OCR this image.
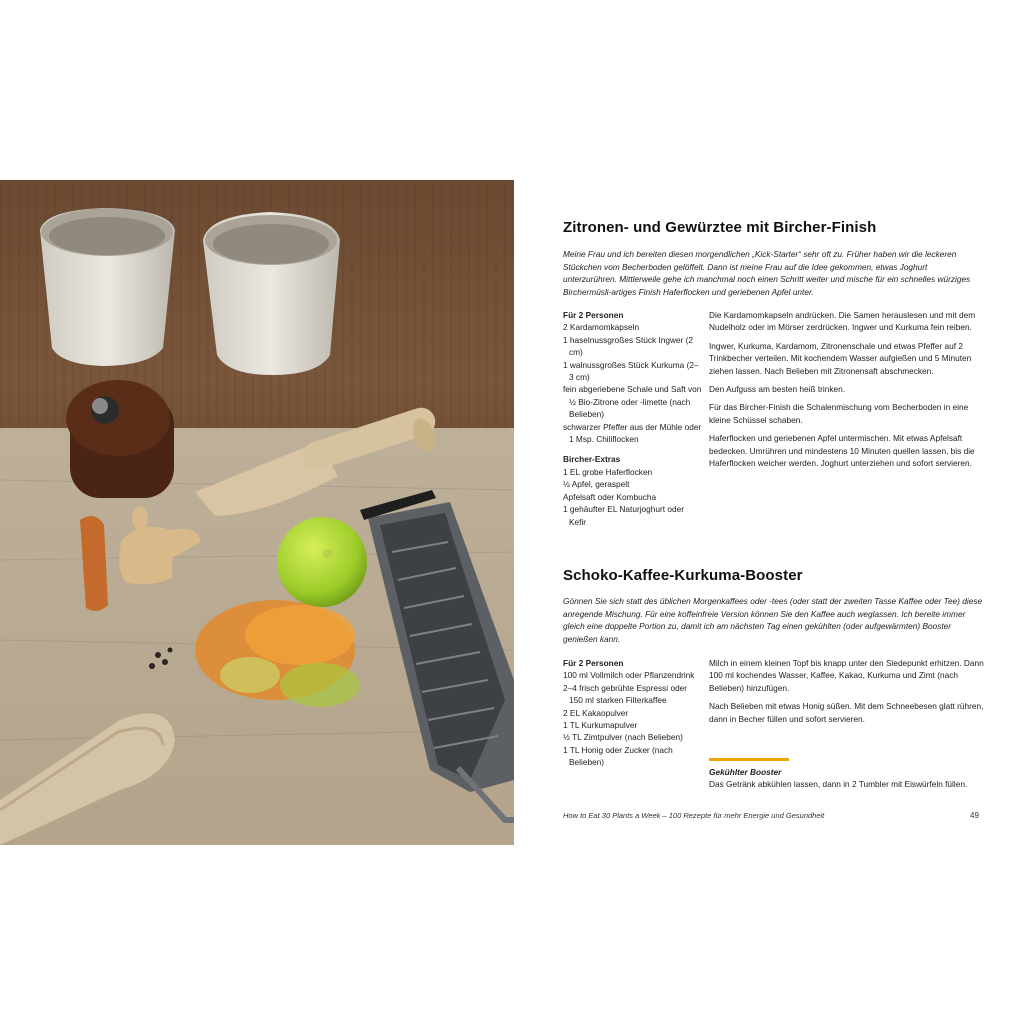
Zitronen- und Gewürztee mit Bircher-Finish

Meine Frau und ich bereiten diesen morgendlichen „Kick-Starter“ sehr oft zu. Früher haben wir die leckeren Stückchen vom Becherboden gelöffelt. Dann ist meine Frau auf die Idee gekommen, etwas Joghurt unterzurühren. Mittlerweile gehe ich manchmal noch einen Schritt weiter und mische für ein schnelles würziges Birchermüsli-artiges Finish Haferflocken und geriebenen Apfel unter.

Für 2 Personen

2 Kardamomkapseln

1 haselnussgroßes Stück Ingwer (2 cm)

1 walnussgroßes Stück Kurkuma (2–3 cm)

fein abgeriebene Schale und Saft von ½ Bio-Zitrone oder -limette (nach Belieben)

schwarzer Pfeffer aus der Mühle oder 1 Msp. Chiliflocken

Bircher-Extras

1 EL grobe Haferflocken

½ Apfel, geraspelt

Apfelsaft oder Kombucha

1 gehäufter EL Naturjoghurt oder Kefir

Die Kardamomkapseln andrücken. Die Samen herauslesen und mit dem Nudelholz oder im Mörser zerdrücken. Ingwer und Kurkuma fein reiben.

Ingwer, Kurkuma, Kardamom, Zitronenschale und etwas Pfeffer auf 2 Trinkbecher verteilen. Mit kochendem Wasser aufgießen und 5 Minuten ziehen lassen. Nach Belieben mit Zitronensaft abschmecken.

Den Aufguss am besten heiß trinken.

Für das Bircher-Finish die Schalenmischung vom Becherboden in eine kleine Schüssel schaben.

Haferflocken und geriebenen Apfel untermischen. Mit etwas Apfelsaft bedecken. Umrühren und mindestens 10 Minuten quellen lassen, bis die Haferflocken weicher werden. Joghurt unterziehen und sofort servieren.

Schoko-Kaffee-Kurkuma-Booster

Gönnen Sie sich statt des üblichen Morgenkaffees oder -tees (oder statt der zweiten Tasse Kaffee oder Tee) diese anregende Mischung. Für eine koffeinfreie Version können Sie den Kaffee auch weglassen. Ich bereite immer gleich eine doppelte Portion zu, damit ich am nächsten Tag einen gekühlten (oder aufgewärmten) Booster genießen kann.

Für 2 Personen

100 ml Vollmilch oder Pflanzendrink

2–4 frisch gebrühte Espressi oder 150 ml starken Filterkaffee

2 EL Kakaopulver

1 TL Kurkumapulver

½ TL Zimtpulver (nach Belieben)

1 TL Honig oder Zucker (nach Belieben)

Milch in einem kleinen Topf bis knapp unter den Siedepunkt erhitzen. Dann 100 ml kochendes Wasser, Kaffee, Kakao, Kurkuma und Zimt (nach Belieben) hinzufügen.

Nach Belieben mit etwas Honig süßen. Mit dem Schneebesen glatt rühren, dann in Becher füllen und sofort servieren.

Gekühlter Booster
Das Getränk abkühlen lassen, dann in 2 Tumbler mit Eiswürfeln füllen.
How to Eat 30 Plants a Week – 100 Rezepte für mehr Energie und Gesundheit	49
